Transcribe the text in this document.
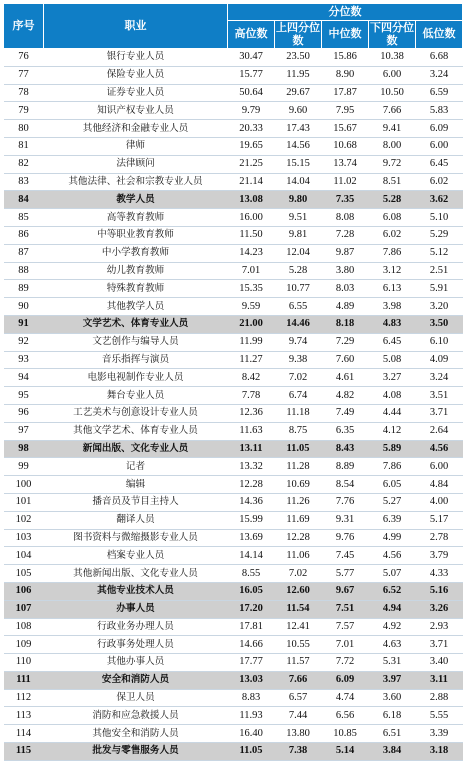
序号	职业	分位数				
		高位数	上四分位数	中位数	下四分位数	低位数
76	银行专业人员	30.47	23.50	15.86	10.38	6.68
77	保险专业人员	15.77	11.95	8.90	6.00	3.24
78	证券专业人员	50.64	29.67	17.87	10.50	6.59
79	知识产权专业人员	9.79	9.60	7.95	7.66	5.83
80	其他经济和金融专业人员	20.33	17.43	15.67	9.41	6.09
81	律师	19.65	14.56	10.68	8.00	6.00
82	法律顾问	21.25	15.15	13.74	9.72	6.45
83	其他法律、社会和宗教专业人员	21.14	14.04	11.02	8.51	6.02
84	教学人员	13.08	9.80	7.35	5.28	3.62
85	高等教育教师	16.00	9.51	8.08	6.08	5.10
86	中等职业教育教师	11.50	9.81	7.28	6.02	5.29
87	中小学教育教师	14.23	12.04	9.87	7.86	5.12
88	幼儿教育教师	7.01	5.28	3.80	3.12	2.51
89	特殊教育教师	15.35	10.77	8.03	6.13	5.91
90	其他教学人员	9.59	6.55	4.89	3.98	3.20
91	文学艺术、体育专业人员	21.00	14.46	8.18	4.83	3.50
92	文艺创作与编导人员	11.99	9.74	7.29	6.45	6.10
93	音乐指挥与演员	11.27	9.38	7.60	5.08	4.09
94	电影电视制作专业人员	8.42	7.02	4.61	3.27	3.24
95	舞台专业人员	7.78	6.74	4.82	4.08	3.51
96	工艺美术与创意设计专业人员	12.36	11.18	7.49	4.44	3.71
97	其他文学艺术、体育专业人员	11.63	8.75	6.35	4.12	2.64
98	新闻出版、文化专业人员	13.11	11.05	8.43	5.89	4.56
99	记者	13.32	11.28	8.89	7.86	6.00
100	编辑	12.28	10.69	8.54	6.05	4.84
101	播音员及节目主持人	14.36	11.26	7.76	5.27	4.00
102	翻译人员	15.99	11.69	9.31	6.39	5.17
103	图书资料与微缩摄影专业人员	13.69	12.28	9.76	4.99	2.78
104	档案专业人员	14.14	11.06	7.45	4.56	3.79
105	其他新闻出版、文化专业人员	8.55	7.02	5.77	5.07	4.33
106	其他专业技术人员	16.05	12.60	9.67	6.52	5.16
107	办事人员	17.20	11.54	7.51	4.94	3.26
108	行政业务办理人员	17.81	12.41	7.57	4.92	2.93
109	行政事务处理人员	14.66	10.55	7.01	4.63	3.71
110	其他办事人员	17.77	11.57	7.72	5.31	3.40
111	安全和消防人员	13.03	7.66	6.09	3.97	3.11
112	保卫人员	8.83	6.57	4.74	3.60	2.88
113	消防和应急救援人员	11.93	7.44	6.56	6.18	5.55
114	其他安全和消防人员	16.40	13.80	10.85	6.51	3.39
115	批发与零售服务人员	11.05	7.38	5.14	3.84	3.18
